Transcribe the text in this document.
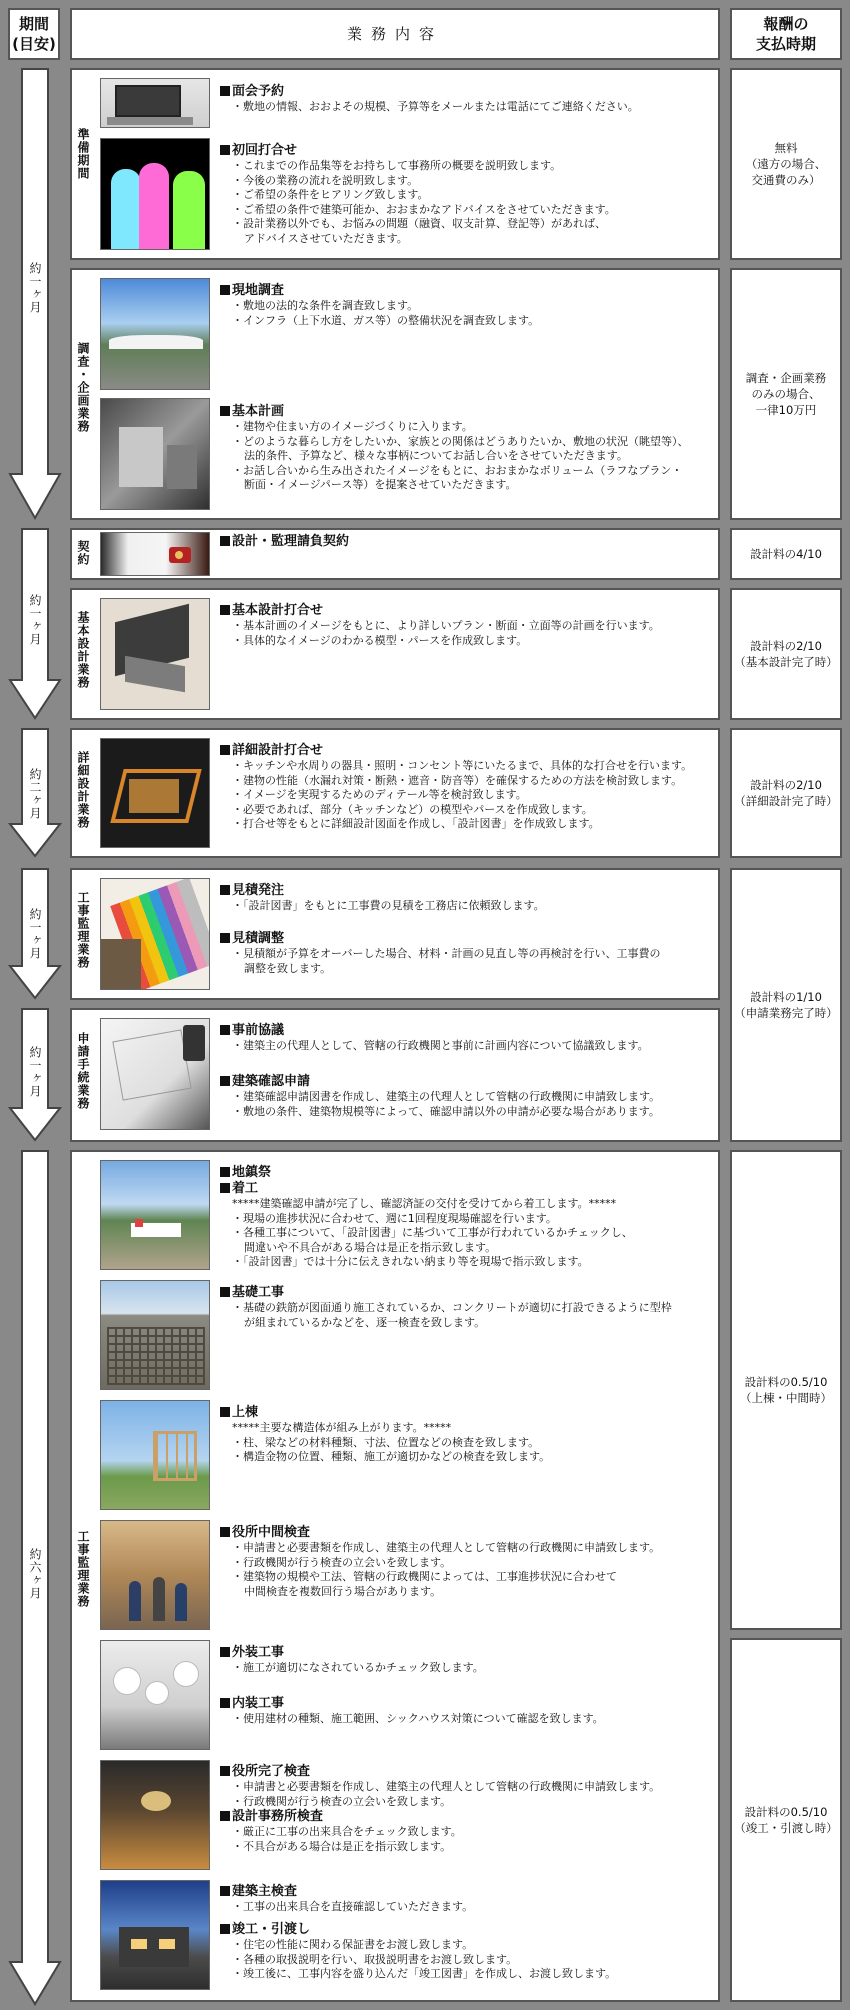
期間
(目安)
業務内容
報酬の
支払時期
約一ヶ月
約一ヶ月
約二ヶ月
約一ヶ月
約一ヶ月
約六ヶ月
準備期間
面会予約
・敷地の情報、おおよその規模、予算等をメールまたは電話にてご連絡ください。
初回打合せ
・これまでの作品集等をお持ちして事務所の概要を説明致します。
・今後の業務の流れを説明致します。
・ご希望の条件をヒアリング致します。
・ご希望の条件で建築可能か、おおまかなアドバイスをさせていただきます。
・設計業務以外でも、お悩みの問題（融資、収支計算、登記等）があれば、
アドバイスさせていただきます。
調査・企画業務
現地調査
・敷地の法的な条件を調査致します。
・インフラ（上下水道、ガス等）の整備状況を調査致します。
基本計画
・建物や住まい方のイメージづくりに入ります。
・どのような暮らし方をしたいか、家族との関係はどうありたいか、敷地の状況（眺望等）、
法的条件、予算など、様々な事柄についてお話し合いをさせていただきます。
・お話し合いから生み出されたイメージをもとに、おおまかなボリューム（ラフなプラン・
断面・イメージパース等）を提案させていただきます。
契約	設計・監理請負契約
基本設計業務
基本設計打合せ
・基本計画のイメージをもとに、より詳しいプラン・断面・立面等の計画を行います。
・具体的なイメージのわかる模型・パースを作成致します。
詳細設計業務
詳細設計打合せ
・キッチンや水周りの器具・照明・コンセント等にいたるまで、具体的な打合せを行います。
・建物の性能（水漏れ対策・断熱・遮音・防音等）を確保するための方法を検討致します。
・イメージを実現するためのディテール等を検討致します。
・必要であれば、部分（キッチンなど）の模型やパースを作成致します。
・打合せ等をもとに詳細設計図面を作成し、「設計図書」を作成致します。
工事監理業務
見積発注
・「設計図書」をもとに工事費の見積を工務店に依頼致します。
見積調整
・見積額が予算をオーバーした場合、材料・計画の見直し等の再検討を行い、工事費の
調整を致します。
申請手続業務
事前協議
・建築主の代理人として、管轄の行政機関と事前に計画内容について協議致します。
建築確認申請
・建築確認申請図書を作成し、建築主の代理人として管轄の行政機関に申請致します。
・敷地の条件、建築物規模等によって、確認申請以外の申請が必要な場合があります。
工事監理業務
地鎮祭
着工
*****建築確認申請が完了し、確認済証の交付を受けてから着工します。*****
・現場の進捗状況に合わせて、週に1回程度現場確認を行います。
・各種工事について、「設計図書」に基づいて工事が行われているかチェックし、
間違いや不具合がある場合は是正を指示致します。
・「設計図書」では十分に伝えきれない納まり等を現場で指示致します。
基礎工事
・基礎の鉄筋が図面通り施工されているか、コンクリートが適切に打設できるように型枠
が組まれているかなどを、逐一検査を致します。
上棟
*****主要な構造体が組み上がります。*****
・柱、梁などの材料種類、寸法、位置などの検査を致します。
・構造金物の位置、種類、施工が適切かなどの検査を致します。
役所中間検査
・申請書と必要書類を作成し、建築主の代理人として管轄の行政機関に申請致します。
・行政機関が行う検査の立会いを致します。
・建築物の規模や工法、管轄の行政機関によっては、工事進捗状況に合わせて
中間検査を複数回行う場合があります。
外装工事
・施工が適切になされているかチェック致します。
内装工事
・使用建材の種類、施工範囲、シックハウス対策について確認を致します。
役所完了検査
・申請書と必要書類を作成し、建築主の代理人として管轄の行政機関に申請致します。
・行政機関が行う検査の立会いを致します。
設計事務所検査
・厳正に工事の出来具合をチェック致します。
・不具合がある場合は是正を指示致します。
建築主検査
・工事の出来具合を直接確認していただきます。
竣工・引渡し
・住宅の性能に関わる保証書をお渡し致します。
・各種の取扱説明を行い、取扱説明書をお渡し致します。
・竣工後に、工事内容を盛り込んだ「竣工図書」を作成し、お渡し致します。
無料
（遠方の場合、
交通費のみ）
調査・企画業務
のみの場合、
一律10万円
設計料の4/10
設計料の2/10
（基本設計完了時）
設計料の2/10
（詳細設計完了時）
設計料の1/10
（申請業務完了時）
設計料の0.5/10
（上棟・中間時）
設計料の0.5/10
（竣工・引渡し時）
